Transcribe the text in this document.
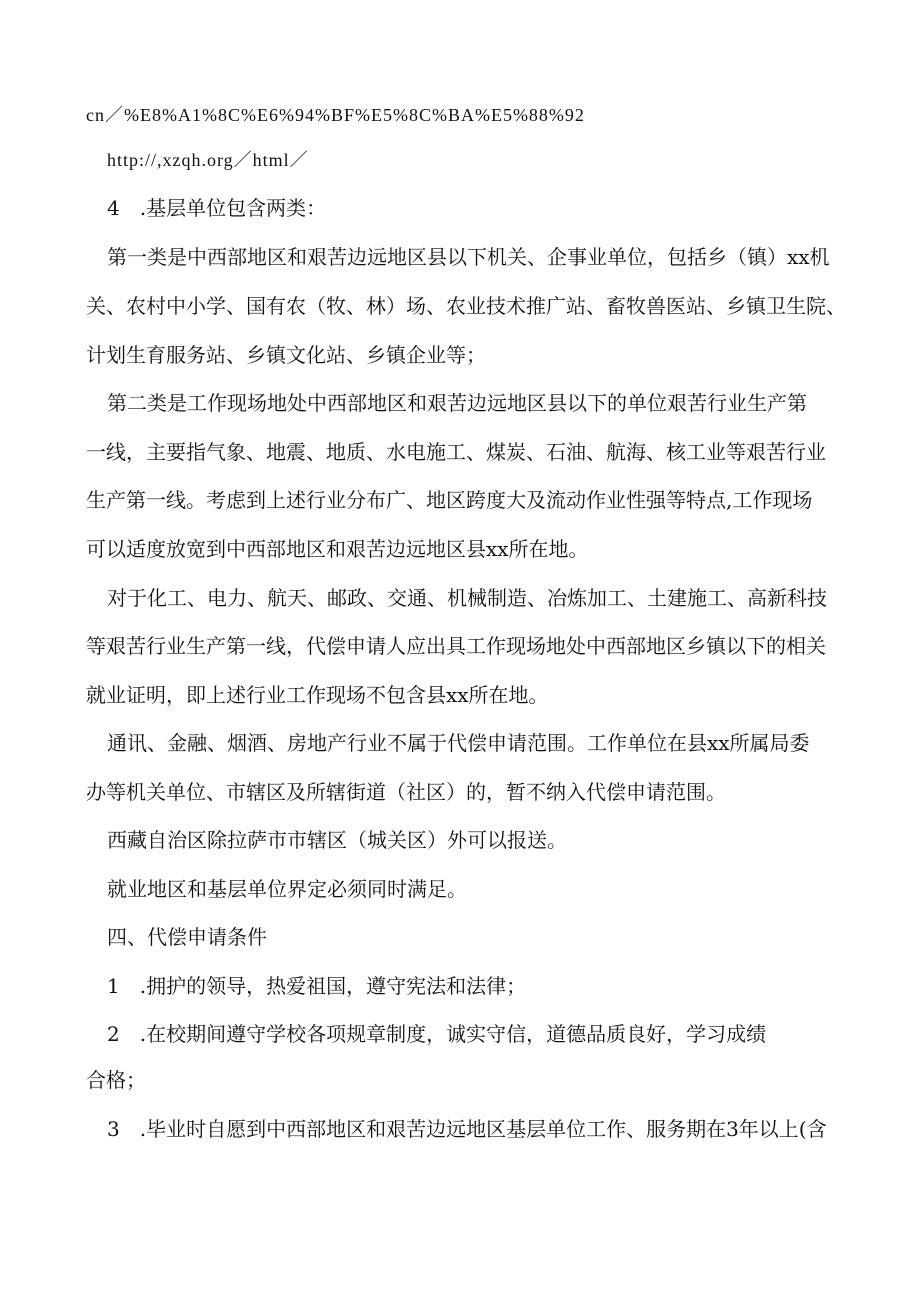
cn／%E8%A1%8C%E6%94%BF%E5%8C%BA%E5%88%92
http://,xzqh.org／html／
4　.基层单位包含两类：
第一类是中西部地区和艰苦边远地区县以下机关、企事业单位，包括乡（镇）xx机
关、农村中小学、国有农（牧、林）场、农业技术推广站、畜牧兽医站、乡镇卫生院、
计划生育服务站、乡镇文化站、乡镇企业等；
第二类是工作现场地处中西部地区和艰苦边远地区县以下的单位艰苦行业生产第
一线，主要指气象、地震、地质、水电施工、煤炭、石油、航海、核工业等艰苦行业
生产第一线。考虑到上述行业分布广、地区跨度大及流动作业性强等特点,工作现场
可以适度放宽到中西部地区和艰苦边远地区县xx所在地。
对于化工、电力、航天、邮政、交通、机械制造、冶炼加工、土建施工、高新科技
等艰苦行业生产第一线，代偿申请人应出具工作现场地处中西部地区乡镇以下的相关
就业证明，即上述行业工作现场不包含县xx所在地。
通讯、金融、烟酒、房地产行业不属于代偿申请范围。工作单位在县xx所属局委
办等机关单位、市辖区及所辖街道（社区）的，暂不纳入代偿申请范围。
西藏自治区除拉萨市市辖区（城关区）外可以报送。
就业地区和基层单位界定必须同时满足。
四、代偿申请条件
1　.拥护的领导，热爱祖国，遵守宪法和法律；
2　.在校期间遵守学校各项规章制度，诚实守信，道德品质良好，学习成绩
合格；
3　.毕业时自愿到中西部地区和艰苦边远地区基层单位工作、服务期在3年以上(含
